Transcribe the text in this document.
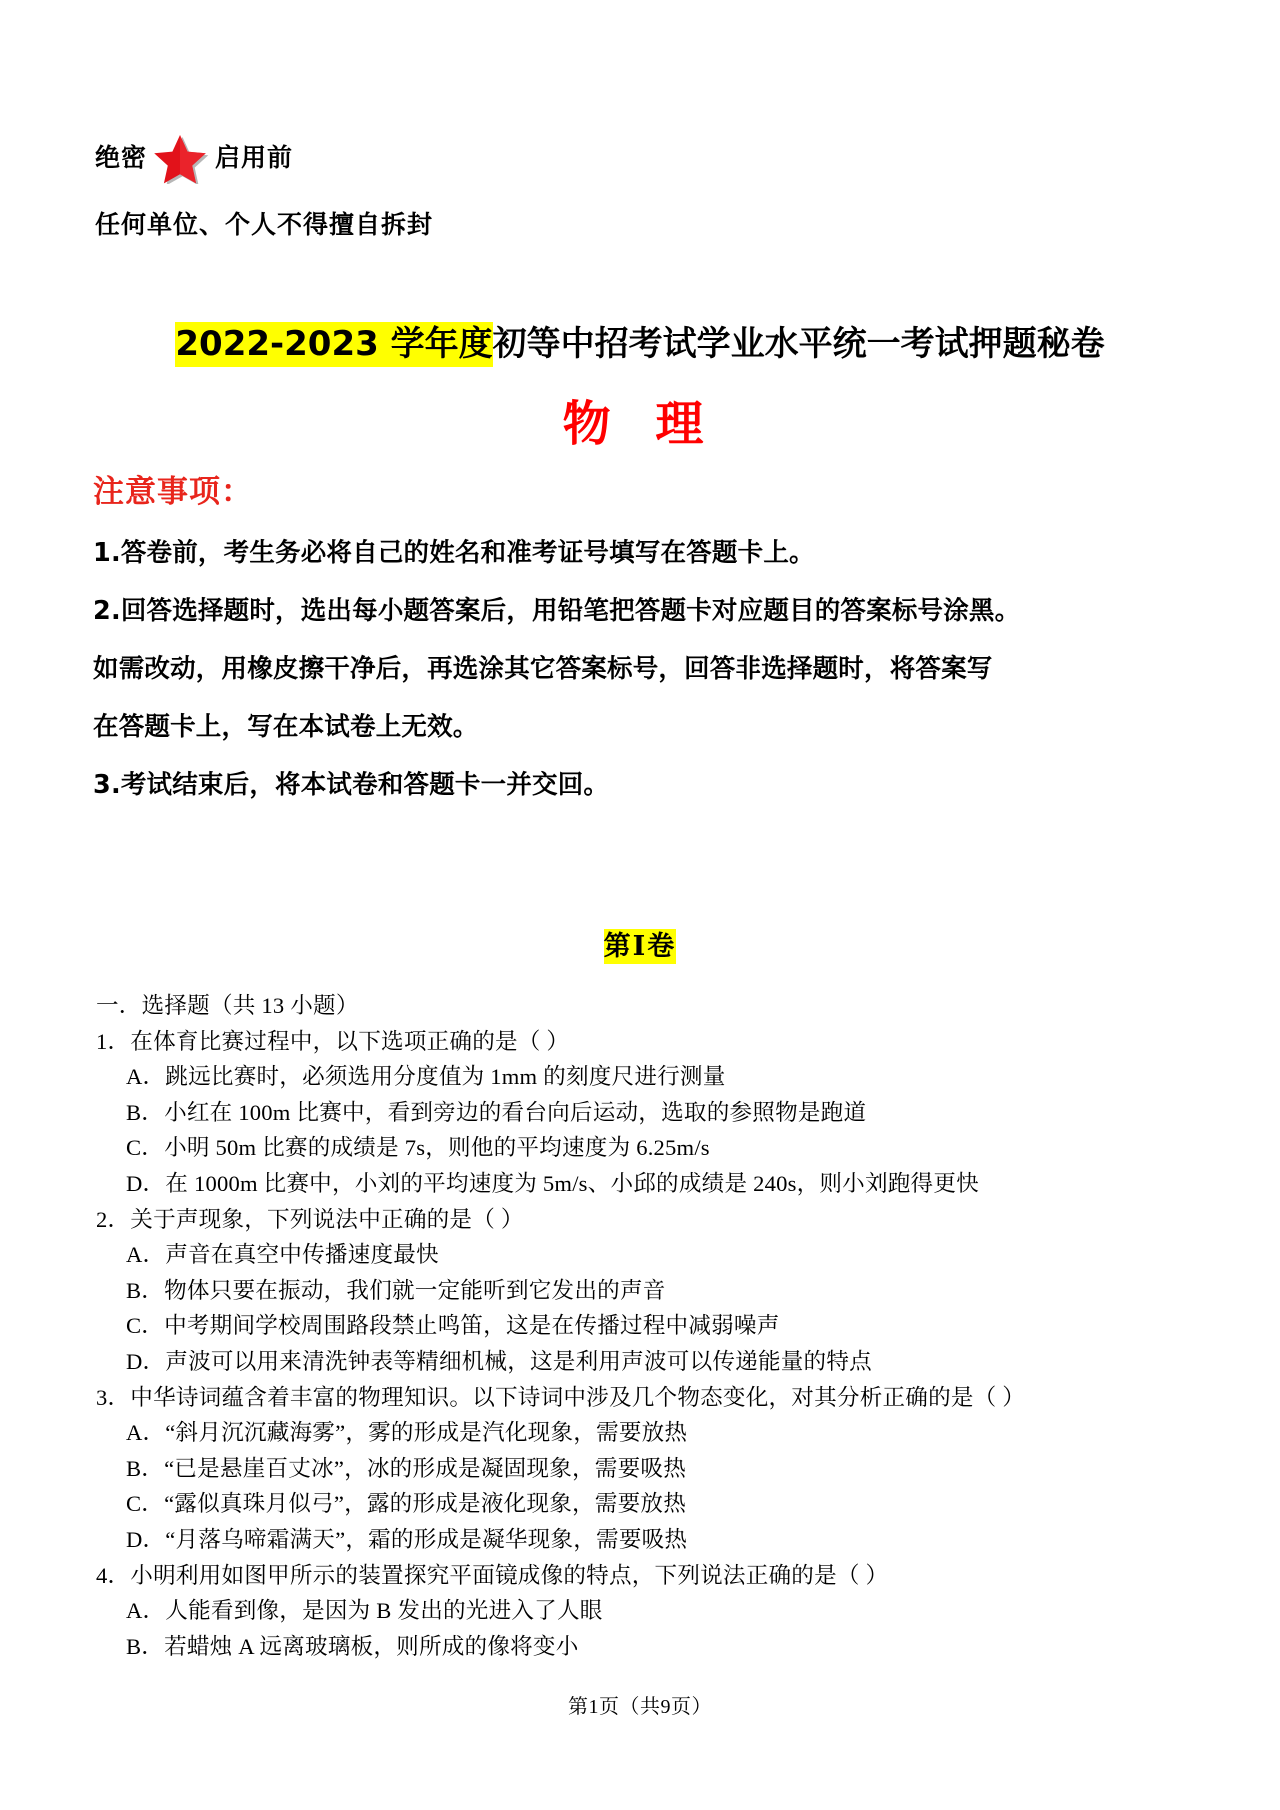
绝密	启用前
任何单位、个人不得擅自拆封
2022-2023 学年度初等中招考试学业水平统一考试押题秘卷
物 理
注意事项：
1.答卷前，考生务必将自己的姓名和准考证号填写在答题卡上。
2.回答选择题时，选出每小题答案后，用铅笔把答题卡对应题目的答案标号涂黑。
如需改动，用橡皮擦干净后，再选涂其它答案标号，回答非选择题时，将答案写
在答题卡上，写在本试卷上无效。
3.考试结束后，将本试卷和答题卡一并交回。
第Ⅰ卷
一．选择题（共 13 小题）
1．在体育比赛过程中，以下选项正确的是（ ）
A．跳远比赛时，必须选用分度值为 1mm 的刻度尺进行测量
B．小红在 100m 比赛中，看到旁边的看台向后运动，选取的参照物是跑道
C．小明 50m 比赛的成绩是 7s，则他的平均速度为 6.25m/s
D．在 1000m 比赛中，小刘的平均速度为 5m/s、小邱的成绩是 240s，则小刘跑得更快
2．关于声现象，下列说法中正确的是（ ）
A．声音在真空中传播速度最快
B．物体只要在振动，我们就一定能听到它发出的声音
C．中考期间学校周围路段禁止鸣笛，这是在传播过程中减弱噪声
D．声波可以用来清洗钟表等精细机械，这是利用声波可以传递能量的特点
3．中华诗词蕴含着丰富的物理知识。以下诗词中涉及几个物态变化，对其分析正确的是（ ）
A．“斜月沉沉藏海雾”，雾的形成是汽化现象，需要放热
B．“已是悬崖百丈冰”，冰的形成是凝固现象，需要吸热
C．“露似真珠月似弓”，露的形成是液化现象，需要放热
D．“月落乌啼霜满天”，霜的形成是凝华现象，需要吸热
4．小明利用如图甲所示的装置探究平面镜成像的特点，下列说法正确的是（ ）
A．人能看到像，是因为 B 发出的光进入了人眼
B．若蜡烛 A 远离玻璃板，则所成的像将变小
第1页（共9页）
